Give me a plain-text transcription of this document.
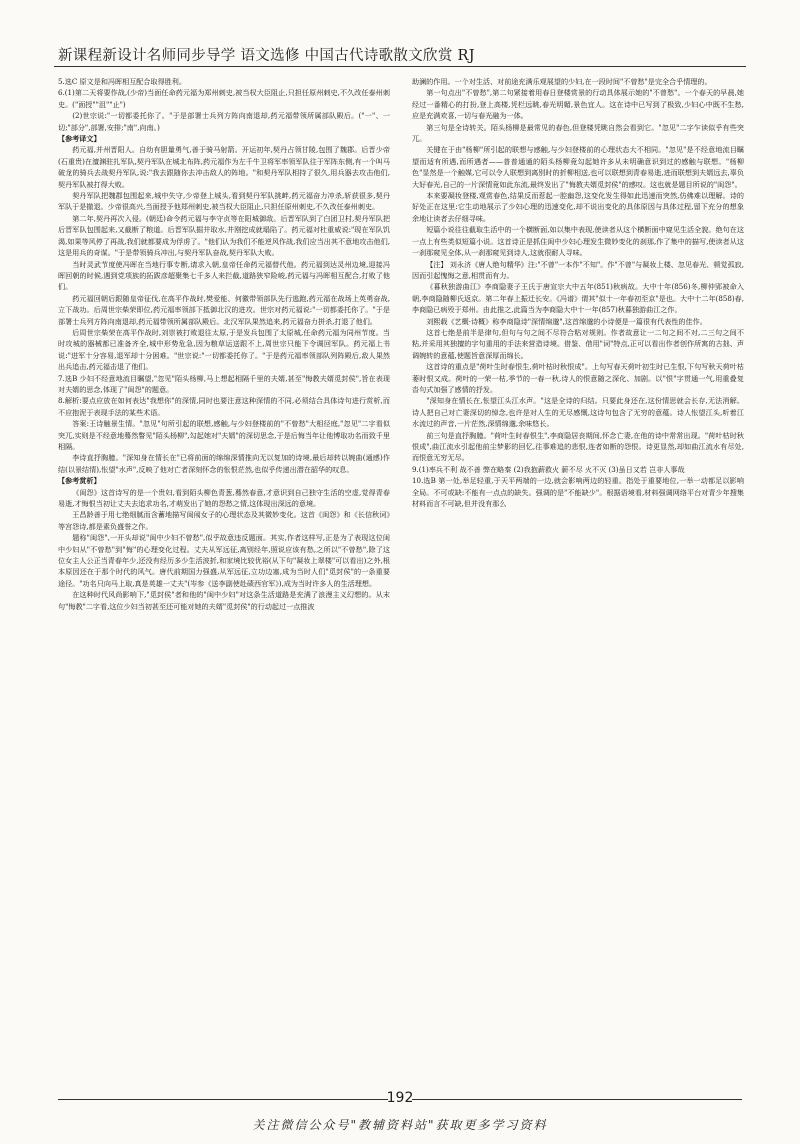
新课程新设计名师同步导学 语文选修 中国古代诗歌散文欣赏 RJ

5.选C 原文是和冯晖相互配合取得胜利。

6.(1)第二天将要作战,(少帝)当面任命药元福为郑州刺史,被当权大臣阻止,只担任原州刺史,不久改任泰州刺史。("面授""沮""止")

(2)世宗说:"一切都委托你了。"于是部署士兵列方阵向南退却,药元福带领所属部队殿后。("一"、一切;"部分",部署,安排;"南",向南。)

【参考译文】

药元福,并州晋阳人。自幼有胆量勇气,善于骑马射箭。开运初年,契丹占领甘陵,包围了魏郡。后晋少帝(石重贵)在澶渊驻扎军队,契丹军队在城北布阵,药元福作为左千牛卫将军率领军队往于军阵东侧,有一个叫马破龙的骑兵去战契丹军队,说:"我去跟随你去冲击敌人的阵地。"和契丹军队相持了很久,用兵器去攻击他们,契丹军队被打得大败。

契丹军队把魏郡包围起来,城中失守,少帝登上城头,看到契丹军队挑衅,药元福奋力冲杀,斩获很多,契丹军队于是撤退。少帝很高兴,当面授予他郑州刺史,被当权大臣阻止,只担任原州刺史,不久改任泰州刺史。

第二年,契丹再次入侵。(朝廷)命令药元福与李守贞等在阳城御敌。后晋军队到了白团卫村,契丹军队把后晋军队包围起来,又截断了粮道。后晋军队掘井取水,井刚挖成就塌陷了。药元福对杜重威说:"现在军队饥渴,如果等风停了再战,我们就都要成为俘虏了。"他们认为我们不能逆风作战,我们应当出其不意地攻击他们,这是用兵的奇谋。"于是带领骑兵冲出,与契丹军队奋战,契丹军队大败。

当时灵武节度使冯晖在当地行事专断,请求入朝,皇帝任命药元福替代他。药元福到达灵州边境,迎接冯晖回朝的时候,遇到党项族的拓跋彦超聚集七千多人来拦截,道路狭窄险峻,药元福与冯晖相互配合,打败了他们。

药元福回朝后跟随皇帝征伐,在高平作战时,樊爱能、何徽带领部队先行逃跑,药元福在战场上英勇奋战,立下战功。后周世宗柴荣即位,药元福率领部下抵御北汉的进攻。世宗对药元福说:"一切都委托你了。"于是部署士兵列方阵向南退却,药元福带领所属部队殿后。北汉军队果然追来,药元福奋力拼杀,打退了他们。

后周世宗柴荣在高平作战时,刘崇被打败退往太原,于是发兵包围了太原城,任命药元福为同州节度。当时攻城的器械都已准备齐全,城中形势危急,因为粮草运送跟不上,周世宗只能下令调回军队。药元福上书说:"进军十分容易,退军却十分困难。"世宗说:"一切都委托你了。"于是药元福率领部队列阵殿后,敌人果然出兵追击,药元福击退了他们。

7.选B 少妇不经意地流目瞩望,"忽见"陌头杨柳,马上想起相隔千里的夫婿,甚至"悔教夫婿觅封侯",旨在表现对夫婿的思念,体现了"闺怨"的题意。

8.解析:要点应放在如何表达"我想你"的深情,同时也要注意这种深情的不同,必须结合具体诗句进行赏析,而不应抱泥于表现手法的某些术语。

答案:王诗触景生情。"忽见"句所引起的联想,感触,与少妇登楼前的"不曾愁"大相径庭,"忽见"二字看似突兀,实则是不经意地蓦然瞥见"陌头杨柳",勾起她对"夫婿"的深切思念,于是后悔当年让他博取功名而致千里相隔。

李诗直抒胸臆。"深知身在情长在"已将前面的绵绵深情推向无以复加的诗境,最后却转以婉曲(通感)作结(以景结情),怅望"水声",反映了他对亡者深刻怀念的怅恨茫然,也似乎传递出潜在韶华的叹息。

【参考赏析】

《闺怨》这首诗写的是一个贵妇,看到陌头柳色青葱,蓦然春意,才意识到自己独守生活的空虚,觉得青春易逝,才悔恨当初让丈夫去追求功名,才萌发出了她的怨愁之情,这体现出深远的意境。

王昌龄善于用七绝细腻而含蓄地描写闺闱女子的心理状态及其微妙变化。这首《闺怨》和《长信秋词》等宫怨诗,都是素负盛誉之作。

题称"闺怨",一开头却说"闺中少妇不曾愁",似乎故意违反题面。其实,作者这样写,正是为了表现这位闺中少妇从"不曾愁"到"悔"的心理变化过程。丈夫从军远征,离别经年,照说应该有愁,之所以"不曾愁",除了这位女主人公正当青春年少,还没有经历多少生活波折,和家境比较优裕(从下句"凝妆上翠楼"可以看出)之外,根本原因还在于那个时代的风气。唐代前期国力强盛,从军远征,立功边塞,成为当时人们"觅封侯"的一条重要途径。"功名只向马上取,真是英雄一丈夫"(岑参《送李副使赴碛西官军》),成为当时许多人的生活理想。

在这种时代风尚影响下,"觅封侯"者和他的"闺中少妇"对这条生活道路是充满了浪漫主义幻想的。从末句"悔教"二字看,这位少妇当初甚至还可能对她的夫婿"觅封侯"的行动起过一点推波

助澜的作用。一个对生活、对前途充满乐观展望的少妇,在一段时间"不曾愁"是完全合乎情理的。

第一句点出"不曾愁",第二句紧接着用春日登楼赏景的行动具体展示她的"不曾愁"。一个春天的早晨,她经过一番精心的打扮,登上高楼,凭栏远眺,春光明媚,景色宜人。这在诗中已写到了极致,少妇心中既不生愁,应是充满欢喜,一切与春光融为一体。

第三句是全诗转关。陌头杨柳是最常见的春色,但登楼凭眺自然会看到它。"忽见"二字乍读似乎有些突兀。

关键在于由"杨柳"所引起的联想与感触,与少妇登楼前的心理状态大不相同。"忽见"是不经意地流目瞩望而适有所遇,而所遇者——普普通通的陌头杨柳竟勾起她许多从未明确意识到过的感触与联想。"杨柳色"显然是一个触媒,它可以令人联想到离别时的折柳相送,也可以联想到青春易逝,进而联想到夫婿远去,辜负大好春光,自己的一片深情竟如此东流,最终发出了"悔教夫婿觅封侯"的感叹。这也就是题目所说的"闺怨"。

本来要凝妆登楼,观赏春色,结果反而惹起一腔幽怨,这变化发生得如此迅速而突然,仿佛难以理解。诗的好处正在这里:它生动地展示了少妇心理的迅速变化,却不说出变化的具体原因与具体过程,留下充分的想象余地让读者去仔细寻味。

短篇小说往往截取生活中的一个横断面,如以集中表现,使读者从这个横断面中窥见生活全貌。绝句在这一点上有些类似短篇小说。这首诗正是抓住闺中少妇心理发生微妙变化的刹那,作了集中的描写,使读者从这一刹那窥见全体,从一刹那窥见到诗人,这就很耐人寻味。

【注】 刘永济《唐人绝句精华》注:"不曾"一本作"不知"。作"不曾"与凝妆上楼、忽见春光、顿觉孤寂,因而引起愧悔之意,相贯而有力。

《暮秋独游曲江》李商隐妻子王氏于唐宣宗大中五年(851)秋病故。大中十年(856)冬,柳仲郢被命入朝,李商隐随柳氏返京。第二年春上振迁长安。《冯谱》谓其"似十一年春初至京"是也。大中十二年(858)春,李商隐已病殁于郑州。由此推之,此篇当为李商隐大中十一年(857)秋暮独游曲江之作。

刘熙载《艺概·诗概》称李商隐诗"深情绵邈",这首绵邈的小诗便是一篇很有代表性的佳作。

这首七绝是前半是律句,但句与句之间不尽符合粘对规则。作者故意让一二句之间不对,二三句之间不粘,并采用其独擅的字句重用的手法来营造诗境。借鉴、借用"词"特点,正可以看出作者创作所寓的古拙、声调婉转的意蕴,使题旨意深厚而绵长。

这首诗的重点是"荷叶生时春恨生,荷叶枯时秋恨成"。上句写春天荷叶初生时已生恨,下句写秋天荷叶枯萎时恨又成。荷叶的一荣一枯,季节的一春一秋,诗人的恨意随之深化、加剧。以"恨"字贯通一气,用重叠复沓句式加强了感情的抒发。

"深知身在情长在,怅望江头江水声。"这是全诗的归结。只要此身还在,这份情思就会长存,无法消解。诗人把自己对亡妻深切的悼念,也许是对人生的无尽感慨,这诗句包含了无穷的意蕴。诗人怅望江头,听着江水流过的声音,一片茫然,深情绵邈,余味悠长。

前三句是直抒胸臆。"荷叶生时春恨生",李商隐居丧期间,怀念亡妻,在他的诗中常常出现。"荷叶枯时秋恨成",曲江流水引起他前尘梦影的回忆,往事难追的悲恨,连者如断的怨恨。诗更显然,却如曲江流水有尽处,而恨意无穷无尽。

9.(1)率兵不利 战不善 弊在略秦 (2)我抱薪救火 薪不尽 火不灭 (3)虽日又若 岂非人事哉

10.选B 第一处,举足轻重,于天平两端的一边,就会影响两边的轻重。指处于重要地位,一举一动都足以影响全局。不可或缺:不能有一点点的缺失。强调的是"不能缺少"。根据语境看,材料强调网络平台对青少年搜集材料而言不可缺,但并没有那么

192
关注微信公众号"教辅资料站"获取更多学习资料
